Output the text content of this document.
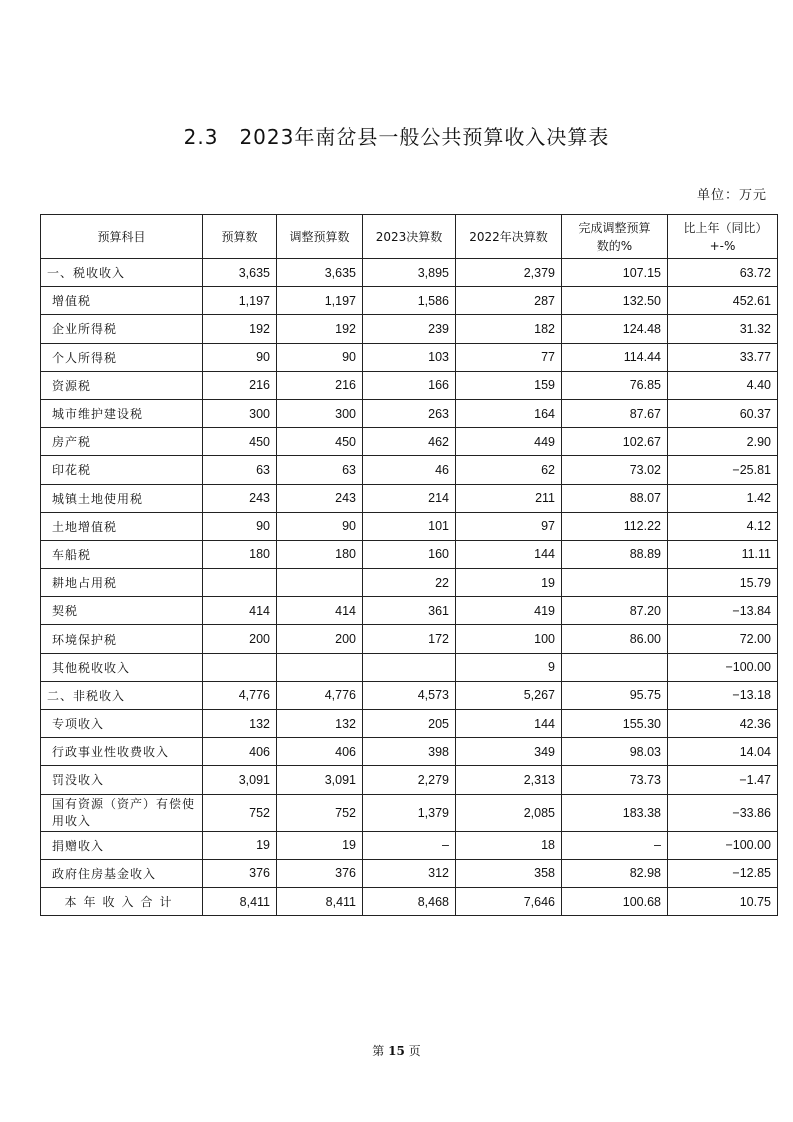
2.3　2023年南岔县一般公共预算收入决算表
单位：万元
预算科目	预算数	调整预算数	2023决算数	2022年决算数	完成调整预算数的%	比上年（同比）+-%
一、税收收入	3,635	3,635	3,895	2,379	107.15	63.72
增值税	1,197	1,197	1,586	287	132.50	452.61
企业所得税	192	192	239	182	124.48	31.32
个人所得税	90	90	103	77	114.44	33.77
资源税	216	216	166	159	76.85	4.40
城市维护建设税	300	300	263	164	87.67	60.37
房产税	450	450	462	449	102.67	2.90
印花税	63	63	46	62	73.02	−25.81
城镇土地使用税	243	243	214	211	88.07	1.42
土地增值税	90	90	101	97	112.22	4.12
车船税	180	180	160	144	88.89	11.11
耕地占用税			22	19		15.79
契税	414	414	361	419	87.20	−13.84
环境保护税	200	200	172	100	86.00	72.00
其他税收收入				9		−100.00
二、非税收入	4,776	4,776	4,573	5,267	95.75	−13.18
专项收入	132	132	205	144	155.30	42.36
行政事业性收费收入	406	406	398	349	98.03	14.04
罚没收入	3,091	3,091	2,279	2,313	73.73	−1.47
国有资源（资产）有偿使用收入	752	752	1,379	2,085	183.38	−33.86
捐赠收入	19	19	–	18	–	−100.00
政府住房基金收入	376	376	312	358	82.98	−12.85
本年收入合计	8,411	8,411	8,468	7,646	100.68	10.75
第 15 页
